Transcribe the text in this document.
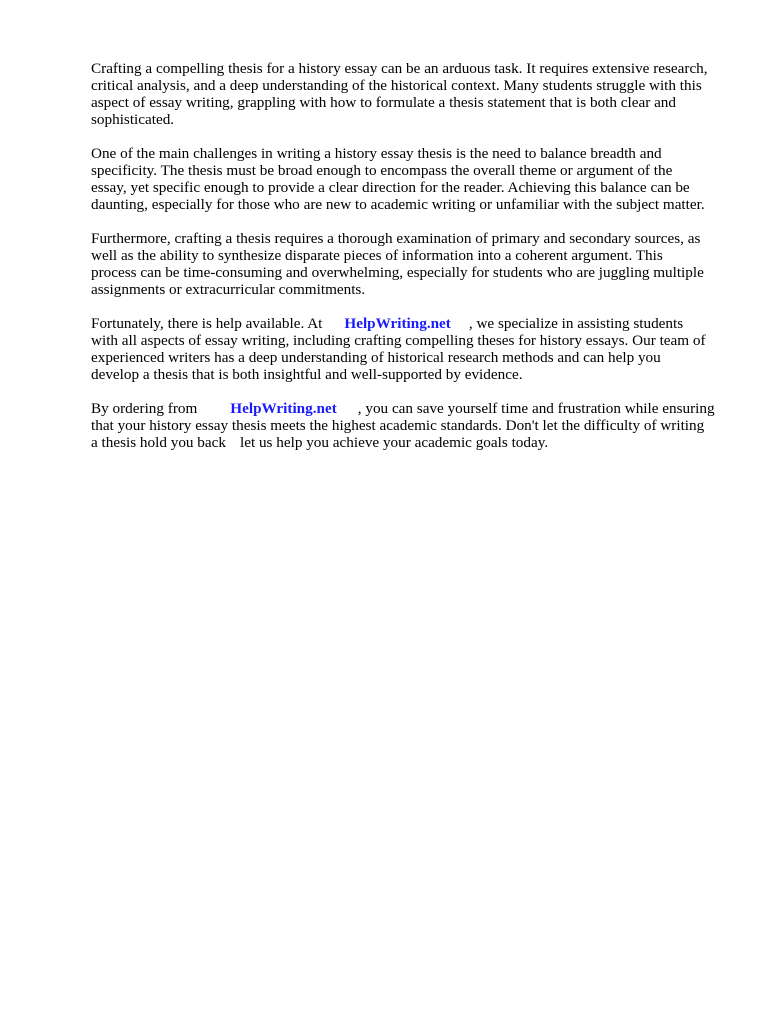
Crafting a compelling thesis for a history essay can be an arduous task. It requires extensive research,
critical analysis, and a deep understanding of the historical context. Many students struggle with this
aspect of essay writing, grappling with how to formulate a thesis statement that is both clear and
sophisticated.

One of the main challenges in writing a history essay thesis is the need to balance breadth and
specificity. The thesis must be broad enough to encompass the overall theme or argument of the
essay, yet specific enough to provide a clear direction for the reader. Achieving this balance can be
daunting, especially for those who are new to academic writing or unfamiliar with the subject matter.

Furthermore, crafting a thesis requires a thorough examination of primary and secondary sources, as
well as the ability to synthesize disparate pieces of information into a coherent argument. This
process can be time-consuming and overwhelming, especially for students who are juggling multiple
assignments or extracurricular commitments.

Fortunately, there is help available. At HelpWriting.net , we specialize in assisting students
with all aspects of essay writing, including crafting compelling theses for history essays. Our team of
experienced writers has a deep understanding of historical research methods and can help you
develop a thesis that is both insightful and well-supported by evidence.

By ordering from HelpWriting.net , you can save yourself time and frustration while ensuring
that your history essay thesis meets the highest academic standards. Don't let the difficulty of writing
a thesis hold you back let us help you achieve your academic goals today.
